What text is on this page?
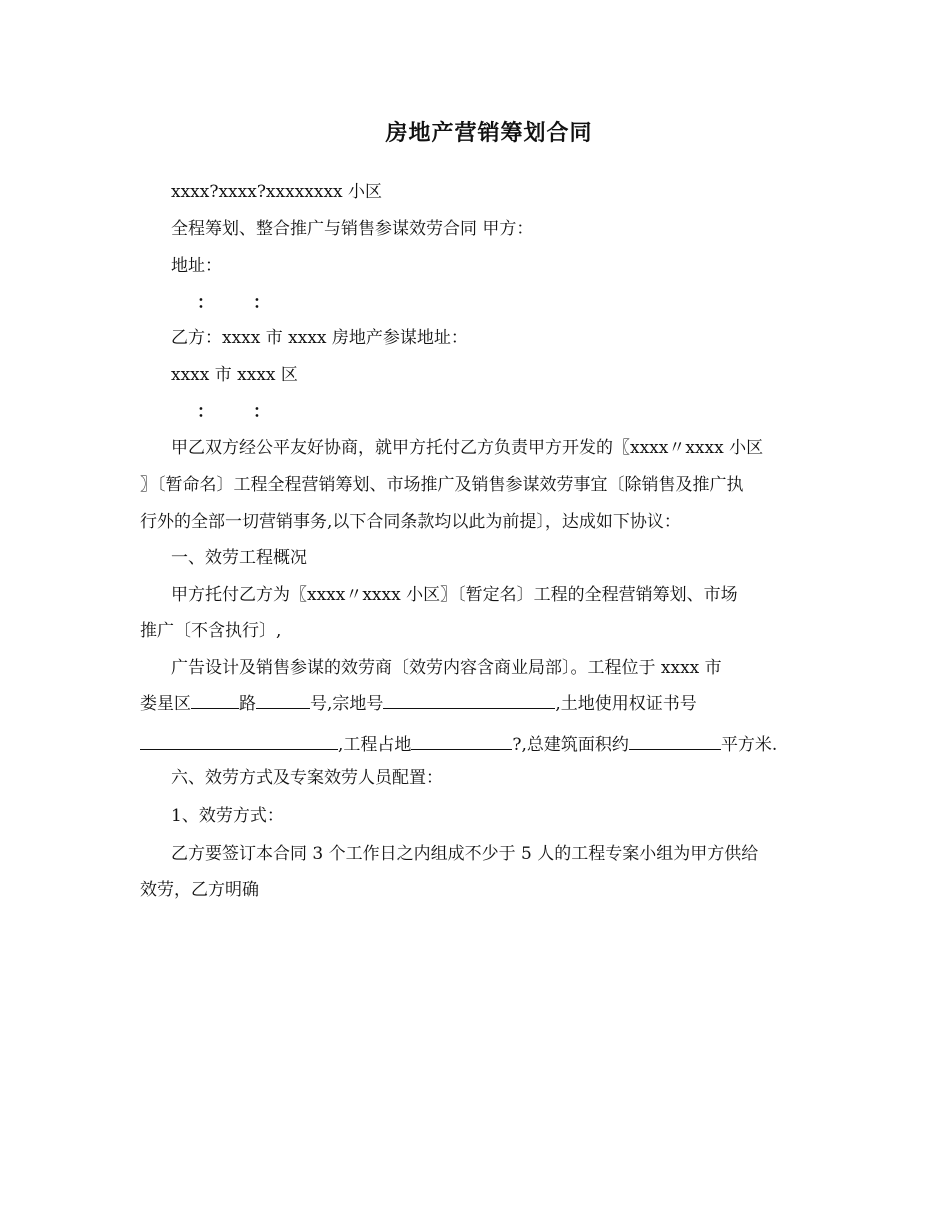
房地产营销筹划合同
xxxx?xxxx?xxxxxxxx 小区
全程筹划、整合推广与销售参谋效劳合同 甲方：
地址：
： ：
乙方：xxxx 市 xxxx 房地产参谋地址：
xxxx 市 xxxx 区
： ：
甲乙双方经公平友好协商，就甲方托付乙方负责甲方开发的〖xxxx〃xxxx 小区
〗〔暂命名〕工程全程营销筹划、市场推广及销售参谋效劳事宜〔除销售及推广执
行外的全部一切营销事务,以下合同条款均以此为前提〕，达成如下协议：
一、效劳工程概况
甲方托付乙方为〖xxxx〃xxxx 小区〗〔暂定名〕工程的全程营销筹划、市场
推广〔不含执行〕,
广告设计及销售参谋的效劳商〔效劳内容含商业局部〕。工程位于 xxxx 市
娄星区	路	号,宗地号	,土地使用权证书号
,工程占地	?,总建筑面积约	平方米.
六、效劳方式及专案效劳人员配置：
1、效劳方式：
乙方要签订本合同 3 个工作日之内组成不少于 5 人的工程专案小组为甲方供给
效劳，乙方明确
